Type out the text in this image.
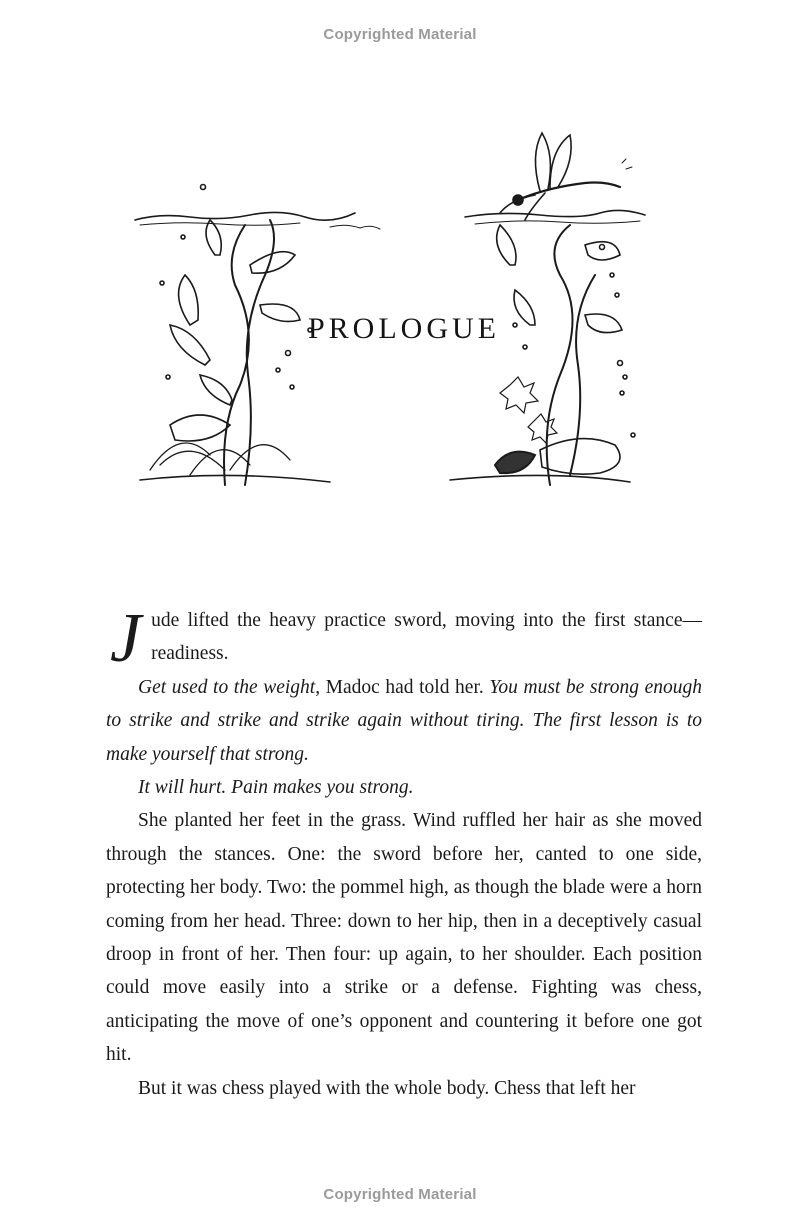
Copyrighted Material
PROLOGUE

Jude lifted the heavy practice sword, moving into the first stance—readiness.

Get used to the weight, Madoc had told her. You must be strong enough to strike and strike and strike again without tiring. The first lesson is to make yourself that strong.

It will hurt. Pain makes you strong.

She planted her feet in the grass. Wind ruffled her hair as she moved through the stances. One: the sword before her, canted to one side, protecting her body. Two: the pommel high, as though the blade were a horn coming from her head. Three: down to her hip, then in a deceptively casual droop in front of her. Then four: up again, to her shoulder. Each position could move easily into a strike or a defense. Fighting was chess, anticipating the move of one’s opponent and countering it before one got hit.

But it was chess played with the whole body. Chess that left her

Copyrighted Material
